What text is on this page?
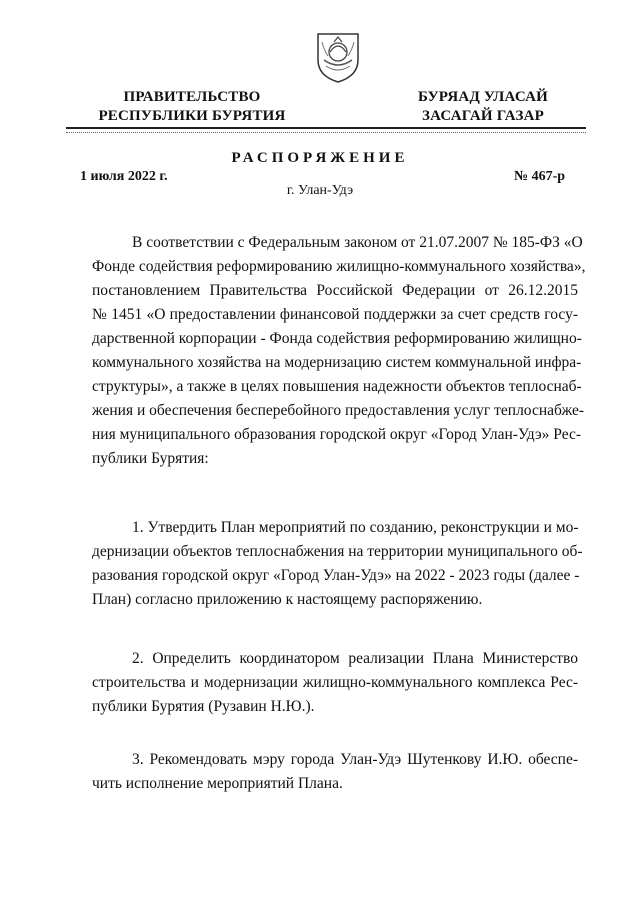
ПРАВИТЕЛЬСТВО
РЕСПУБЛИКИ БУРЯТИЯ
БУРЯАД УЛАСАЙ
ЗАСАГАЙ ГАЗАР
РАСПОРЯЖЕНИЕ
1 июля 2022 г.	№ 467-р
г. Улан-Удэ
В соответствии с Федеральным законом от 21.07.2007 № 185-ФЗ «О
Фонде содействия реформированию жилищно-коммунального хозяйства»,
постановлением Правительства Российской Федерации от 26.12.2015
№ 1451 «О предоставлении финансовой поддержки за счет средств госу-
дарственной корпорации - Фонда содействия реформированию жилищно-
коммунального хозяйства на модернизацию систем коммунальной инфра-
структуры», а также в целях повышения надежности объектов теплоснаб-
жения и обеспечения бесперебойного предоставления услуг теплоснабже-
ния муниципального образования городской округ «Город Улан-Удэ» Рес-
публики Бурятия:
1. Утвердить План мероприятий по созданию, реконструкции и мо-
дернизации объектов теплоснабжения на территории муниципального об-
разования городской округ «Город Улан-Удэ» на 2022 - 2023 годы (далее -
План) согласно приложению к настоящему распоряжению.
2. Определить координатором реализации Плана Министерство
строительства и модернизации жилищно-коммунального комплекса Рес-
публики Бурятия (Рузавин Н.Ю.).
3. Рекомендовать мэру города Улан-Удэ Шутенкову И.Ю. обеспе-
чить исполнение мероприятий Плана.
